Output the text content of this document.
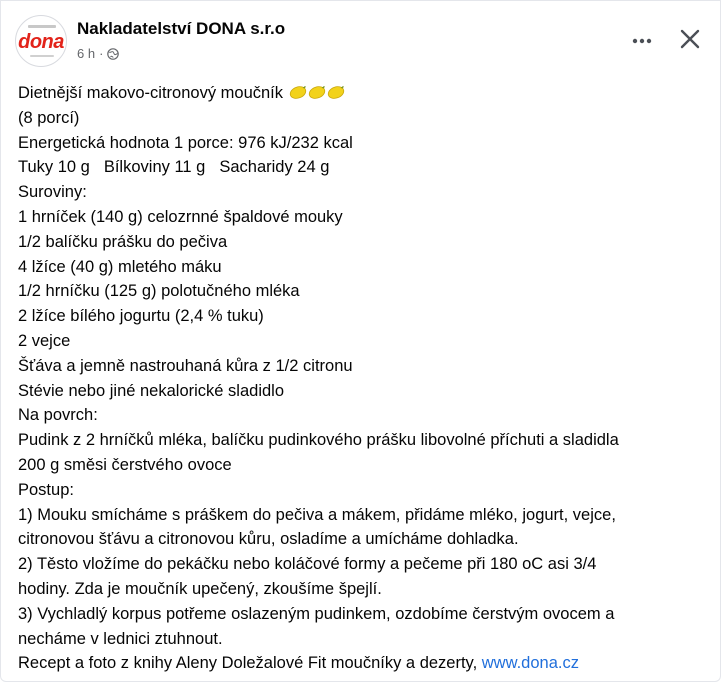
dona
Nakladatelství DONA s.r.o
6 h ·
Dietnější makovo-citronový moučník
(8 porcí)
Energetická hodnota 1 porce: 976 kJ/232 kcal
Tuky 10 g Bílkoviny 11 g Sacharidy 24 g
Suroviny:
1 hrníček (140 g) celozrnné špaldové mouky
1/2 balíčku prášku do pečiva
4 lžíce (40 g) mletého máku
1/2 hrníčku (125 g) polotučného mléka
2 lžíce bílého jogurtu (2,4 % tuku)
2 vejce
Šťáva a jemně nastrouhaná kůra z 1/2 citronu
Stévie nebo jiné nekalorické sladidlo
Na povrch:
Pudink z 2 hrníčků mléka, balíčku pudinkového prášku libovolné příchuti a sladidla
200 g směsi čerstvého ovoce
Postup:
1) Mouku smícháme s práškem do pečiva a mákem, přidáme mléko, jogurt, vejce,
citronovou šťávu a citronovou kůru, osladíme a umícháme dohladka.
2) Těsto vložíme do pekáčku nebo koláčové formy a pečeme při 180 oC asi 3/4
hodiny. Zda je moučník upečený, zkoušíme špejlí.
3) Vychladlý korpus potřeme oslazeným pudinkem, ozdobíme čerstvým ovocem a
necháme v lednici ztuhnout.
Recept a foto z knihy Aleny Doležalové Fit moučníky a dezerty, www.dona.cz
